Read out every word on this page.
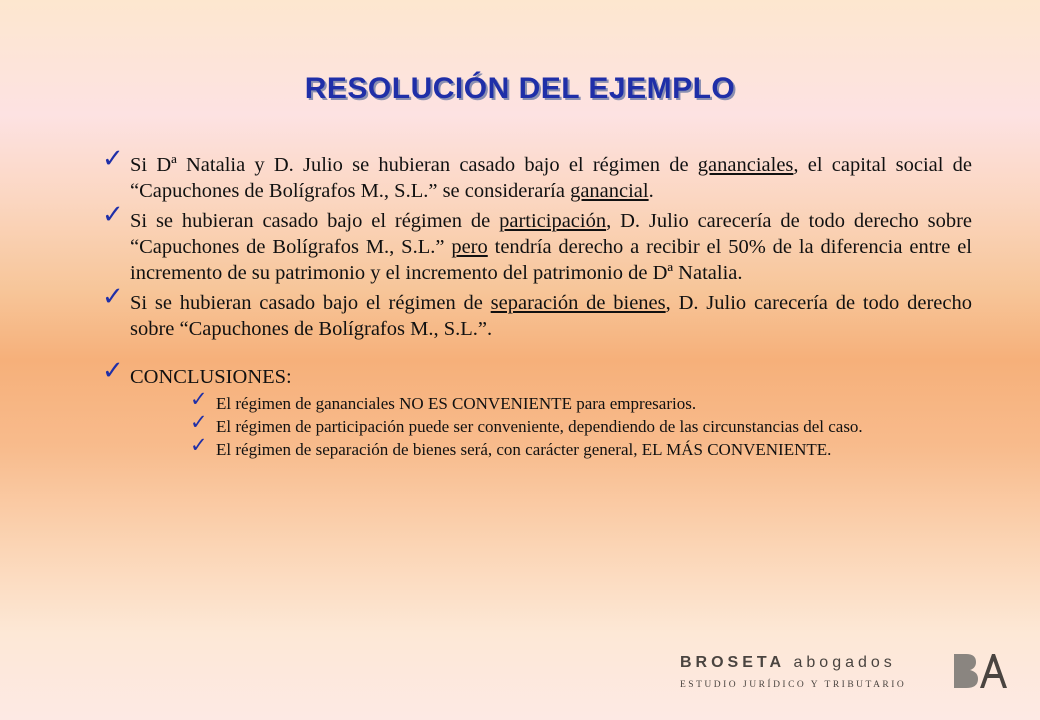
RESOLUCIÓN DEL EJEMPLO
✓ Si Dª Natalia y D. Julio se hubieran casado bajo el régimen de gananciales, el capital social de “Capuchones de Bolígrafos M., S.L.” se consideraría ganancial.
✓ Si se hubieran casado bajo el régimen de participación, D. Julio carecería de todo derecho sobre “Capuchones de Bolígrafos M., S.L.” pero tendría derecho a recibir el 50% de la diferencia entre el incremento de su patrimonio y el incremento del patrimonio de Dª Natalia.
✓ Si se hubieran casado bajo el régimen de separación de bienes, D. Julio carecería de todo derecho sobre “Capuchones de Bolígrafos M., S.L.”.
✓ CONCLUSIONES:
✓ El régimen de gananciales NO ES CONVENIENTE para empresarios.
✓ El régimen de participación puede ser conveniente, dependiendo de las circunstancias del caso.
✓ El régimen de separación de bienes será, con carácter general, EL MÁS CONVENIENTE.
BROSETA abogados
ESTUDIO JURÍDICO Y TRIBUTARIO
